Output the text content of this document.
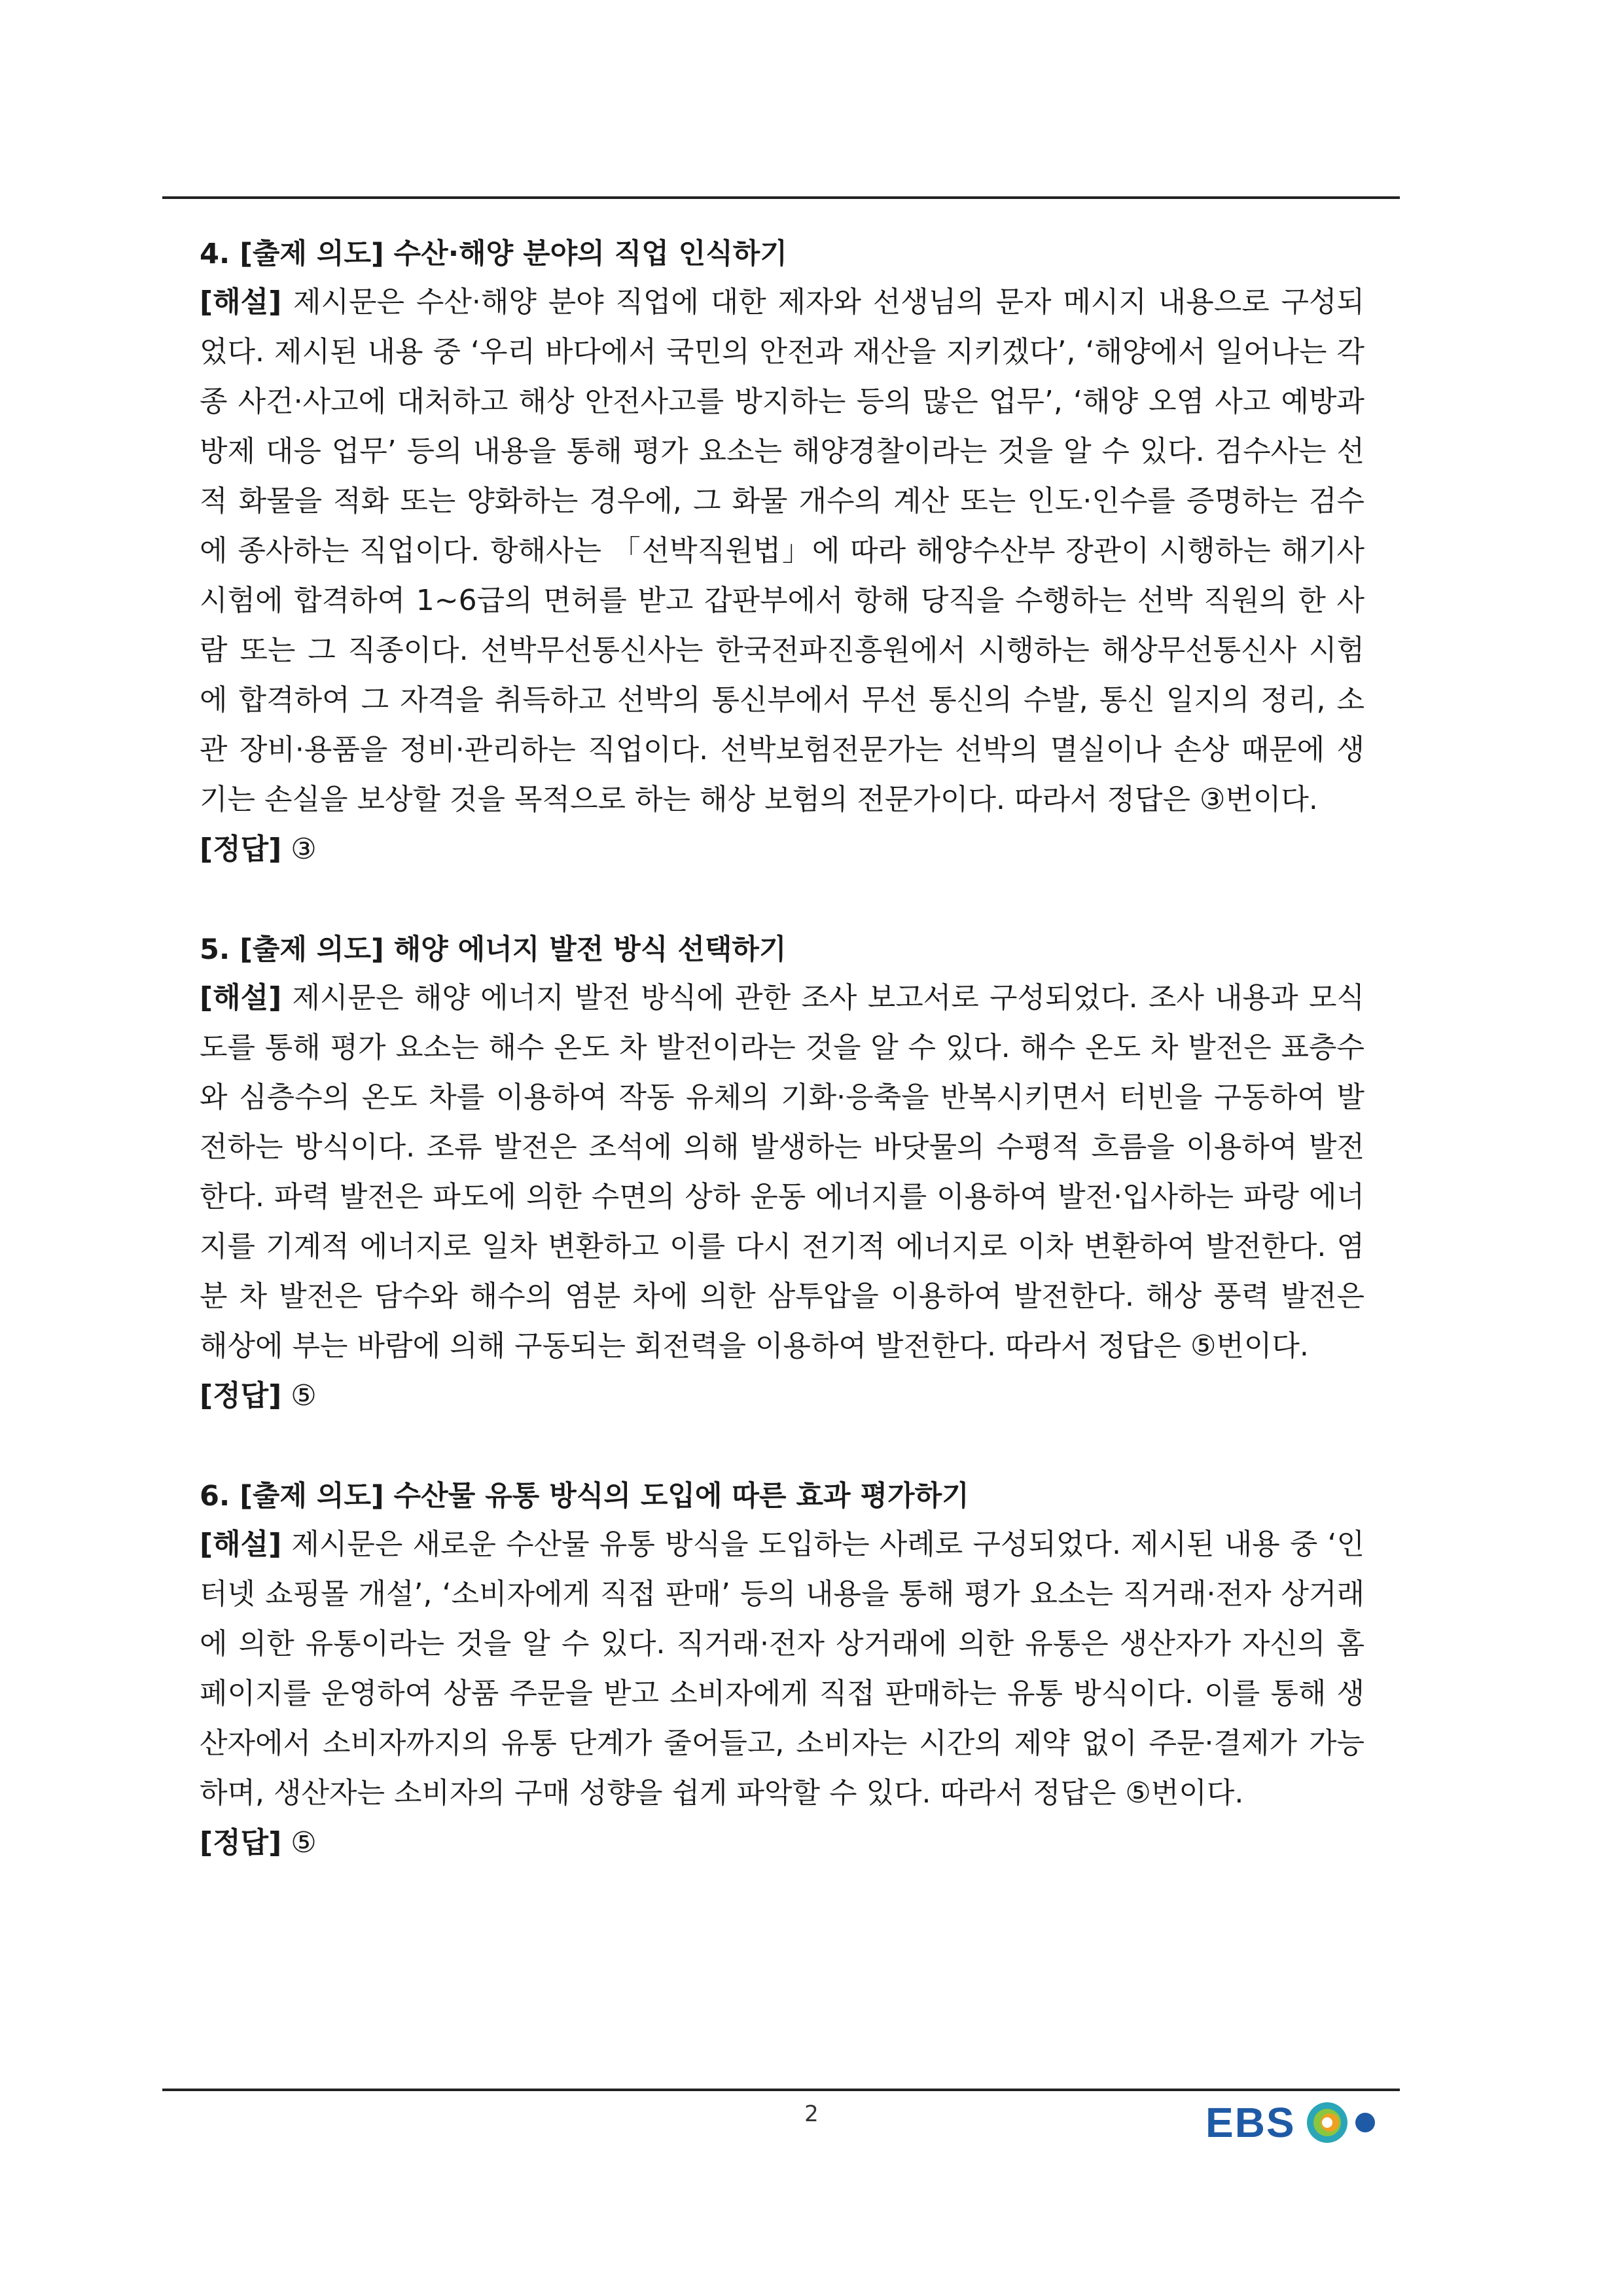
4. [출제 의도] 수산·해양 분야의 직업 인식하기

[해설] 제시문은 수산·해양 분야 직업에 대한 제자와 선생님의 문자 메시지 내용으로 구성되었다. 제시된 내용 중 ‘우리 바다에서 국민의 안전과 재산을 지키겠다’, ‘해양에서 일어나는 각종 사건·사고에 대처하고 해상 안전사고를 방지하는 등의 많은 업무’, ‘해양 오염 사고 예방과 방제 대응 업무’ 등의 내용을 통해 평가 요소는 해양경찰이라는 것을 알 수 있다. 검수사는 선적 화물을 적화 또는 양화하는 경우에, 그 화물 개수의 계산 또는 인도·인수를 증명하는 검수에 종사하는 직업이다. 항해사는 「선박직원법」에 따라 해양수산부 장관이 시행하는 해기사 시험에 합격하여 1~6급의 면허를 받고 갑판부에서 항해 당직을 수행하는 선박 직원의 한 사람 또는 그 직종이다. 선박무선통신사는 한국전파진흥원에서 시행하는 해상무선통신사 시험에 합격하여 그 자격을 취득하고 선박의 통신부에서 무선 통신의 수발, 통신 일지의 정리, 소관 장비·용품을 정비·관리하는 직업이다. 선박보험전문가는 선박의 멸실이나 손상 때문에 생기는 손실을 보상할 것을 목적으로 하는 해상 보험의 전문가이다. 따라서 정답은 ③번이다.

[정답] ③

5. [출제 의도] 해양 에너지 발전 방식 선택하기

[해설] 제시문은 해양 에너지 발전 방식에 관한 조사 보고서로 구성되었다. 조사 내용과 모식도를 통해 평가 요소는 해수 온도 차 발전이라는 것을 알 수 있다. 해수 온도 차 발전은 표층수와 심층수의 온도 차를 이용하여 작동 유체의 기화·응축을 반복시키면서 터빈을 구동하여 발전하는 방식이다. 조류 발전은 조석에 의해 발생하는 바닷물의 수평적 흐름을 이용하여 발전한다. 파력 발전은 파도에 의한 수면의 상하 운동 에너지를 이용하여 발전·입사하는 파랑 에너지를 기계적 에너지로 일차 변환하고 이를 다시 전기적 에너지로 이차 변환하여 발전한다. 염분 차 발전은 담수와 해수의 염분 차에 의한 삼투압을 이용하여 발전한다. 해상 풍력 발전은 해상에 부는 바람에 의해 구동되는 회전력을 이용하여 발전한다. 따라서 정답은 ⑤번이다.

[정답] ⑤

6. [출제 의도] 수산물 유통 방식의 도입에 따른 효과 평가하기

[해설] 제시문은 새로운 수산물 유통 방식을 도입하는 사례로 구성되었다. 제시된 내용 중 ‘인터넷 쇼핑몰 개설’, ‘소비자에게 직접 판매’ 등의 내용을 통해 평가 요소는 직거래·전자 상거래에 의한 유통이라는 것을 알 수 있다. 직거래·전자 상거래에 의한 유통은 생산자가 자신의 홈페이지를 운영하여 상품 주문을 받고 소비자에게 직접 판매하는 유통 방식이다. 이를 통해 생산자에서 소비자까지의 유통 단계가 줄어들고, 소비자는 시간의 제약 없이 주문·결제가 가능하며, 생산자는 소비자의 구매 성향을 쉽게 파악할 수 있다. 따라서 정답은 ⑤번이다.

[정답] ⑤

2	EBS
